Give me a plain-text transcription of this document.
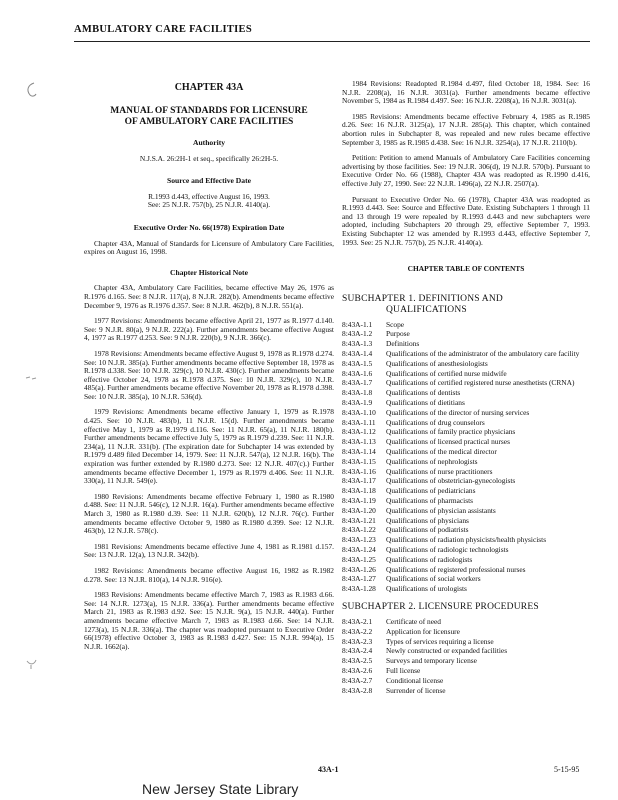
AMBULATORY CARE FACILITIES
CHAPTER 43A
MANUAL OF STANDARDS FOR LICENSURE
OF AMBULATORY CARE FACILITIES
Authority

N.J.S.A. 26:2H-1 et seq., specifically 26:2H-5.

Source and Effective Date

R.1993 d.443, effective August 16, 1993.

See: 25 N.J.R. 757(b), 25 N.J.R. 4140(a).

Executive Order No. 66(1978) Expiration Date

Chapter 43A, Manual of Standards for Licensure of Ambulatory Care Facilities, expires on August 16, 1998.

Chapter Historical Note

Chapter 43A, Ambulatory Care Facilities, became effective May 26, 1976 as R.1976 d.165. See: 8 N.J.R. 117(a), 8 N.J.R. 282(b). Amendments became effective December 9, 1976 as R.1976 d.357. See: 8 N.J.R. 462(b), 8 N.J.R. 551(a).

1977 Revisions: Amendments became effective April 21, 1977 as R.1977 d.140. See: 9 N.J.R. 80(a), 9 N.J.R. 222(a). Further amendments became effective August 4, 1977 as R.1977 d.253. See: 9 N.J.R. 220(b), 9 N.J.R. 366(c).

1978 Revisions: Amendments became effective August 9, 1978 as R.1978 d.274. See: 10 N.J.R. 385(a). Further amendments became effective September 18, 1978 as R.1978 d.338. See: 10 N.J.R. 329(c), 10 N.J.R. 430(c). Further amendments became effective October 24, 1978 as R.1978 d.375. See: 10 N.J.R. 329(c), 10 N.J.R. 485(a). Further amendments became effective November 20, 1978 as R.1978 d.398. See: 10 N.J.R. 385(a), 10 N.J.R. 536(d).

1979 Revisions: Amendments became effective January 1, 1979 as R.1978 d.425. See: 10 N.J.R. 483(b), 11 N.J.R. 15(d). Further amendments became effective May 1, 1979 as R.1979 d.116. See: 11 N.J.R. 65(a), 11 N.J.R. 180(b). Further amendments became effective July 5, 1979 as R.1979 d.239. See: 11 N.J.R. 234(a), 11 N.J.R. 331(b). (The expiration date for Subchapter 14 was extended by R.1979 d.489 filed December 14, 1979. See: 11 N.J.R. 547(a), 12 N.J.R. 16(b). The expiration was further extended by R.1980 d.273. See: 12 N.J.R. 407(c).) Further amendments became effective December 1, 1979 as R.1979 d.406. See: 11 N.J.R. 330(a), 11 N.J.R. 549(e).

1980 Revisions: Amendments became effective February 1, 1980 as R.1980 d.488. See: 11 N.J.R. 546(c), 12 N.J.R. 16(a). Further amendments became effective March 3, 1980 as R.1980 d.39. See: 11 N.J.R. 620(b), 12 N.J.R. 76(c). Further amendments became effective October 9, 1980 as R.1980 d.399. See: 12 N.J.R. 463(b), 12 N.J.R. 578(c).

1981 Revisions: Amendments became effective June 4, 1981 as R.1981 d.157. See: 13 N.J.R. 12(a), 13 N.J.R. 342(b).

1982 Revisions: Amendments became effective August 16, 1982 as R.1982 d.278. See: 13 N.J.R. 810(a), 14 N.J.R. 916(e).

1983 Revisions: Amendments became effective March 7, 1983 as R.1983 d.66. See: 14 N.J.R. 1273(a), 15 N.J.R. 336(a). Further amendments became effective March 21, 1983 as R.1983 d.92. See: 15 N.J.R. 9(a), 15 N.J.R. 440(a). Further amendments became effective March 7, 1983 as R.1983 d.66. See: 14 N.J.R. 1273(a), 15 N.J.R. 336(a). The chapter was readopted pursuant to Executive Order 66(1978) effective October 3, 1983 as R.1983 d.427. See: 15 N.J.R. 994(a), 15 N.J.R. 1662(a).

1984 Revisions: Readopted R.1984 d.497, filed October 18, 1984. See: 16 N.J.R. 2208(a), 16 N.J.R. 3031(a). Further amendments became effective November 5, 1984 as R.1984 d.497. See: 16 N.J.R. 2208(a), 16 N.J.R. 3031(a).

1985 Revisions: Amendments became effective February 4, 1985 as R.1985 d.26. See: 16 N.J.R. 3125(a), 17 N.J.R. 285(a). This chapter, which contained abortion rules in Subchapter 8, was repealed and new rules became effective September 3, 1985 as R.1985 d.438. See: 16 N.J.R. 3254(a), 17 N.J.R. 2110(b).

Petition: Petition to amend Manuals of Ambulatory Care Facilities concerning advertising by those facilities. See: 19 N.J.R. 306(d), 19 N.J.R. 570(b). Pursuant to Executive Order No. 66 (1988), Chapter 43A was readopted as R.1990 d.416, effective July 27, 1990. See: 22 N.J.R. 1496(a), 22 N.J.R. 2507(a).

Pursuant to Executive Order No. 66 (1978), Chapter 43A was readopted as R.1993 d.443. See: Source and Effective Date. Existing Subchapters 1 through 11 and 13 through 19 were repealed by R.1993 d.443 and new subchapters were adopted, including Subchapters 20 through 29, effective September 7, 1993. Existing Subchapter 12 was amended by R.1993 d.443, effective September 7, 1993. See: 25 N.J.R. 757(b), 25 N.J.R. 4140(a).

CHAPTER TABLE OF CONTENTS
SUBCHAPTER 1. DEFINITIONS AND
QUALIFICATIONS
8:43A-1.1	Scope
8:43A-1.2	Purpose
8:43A-1.3	Definitions
8:43A-1.4	Qualifications of the administrator of the ambulatory care facility
8:43A-1.5	Qualifications of anesthesiologists
8:43A-1.6	Qualifications of certified nurse midwife
8:43A-1.7	Qualifications of certified registered nurse anesthetists (CRNA)
8:43A-1.8	Qualifications of dentists
8:43A-1.9	Qualifications of dietitians
8:43A-1.10	Qualifications of the director of nursing services
8:43A-1.11	Qualifications of drug counselors
8:43A-1.12	Qualifications of family practice physicians
8:43A-1.13	Qualifications of licensed practical nurses
8:43A-1.14	Qualifications of the medical director
8:43A-1.15	Qualifications of nephrologists
8:43A-1.16	Qualifications of nurse practitioners
8:43A-1.17	Qualifications of obstetrician-gynecologists
8:43A-1.18	Qualifications of pediatricians
8:43A-1.19	Qualifications of pharmacists
8:43A-1.20	Qualifications of physician assistants
8:43A-1.21	Qualifications of physicians
8:43A-1.22	Qualifications of podiatrists
8:43A-1.23	Qualifications of radiation physicists/health physicists
8:43A-1.24	Qualifications of radiologic technologists
8:43A-1.25	Qualifications of radiologists
8:43A-1.26	Qualifications of registered professional nurses
8:43A-1.27	Qualifications of social workers
8:43A-1.28	Qualifications of urologists
SUBCHAPTER 2. LICENSURE PROCEDURES
8:43A-2.1	Certificate of need
8:43A-2.2	Application for licensure
8:43A-2.3	Types of services requiring a license
8:43A-2.4	Newly constructed or expanded facilities
8:43A-2.5	Surveys and temporary license
8:43A-2.6	Full license
8:43A-2.7	Conditional license
8:43A-2.8	Surrender of license
43A-1	5-15-95
New Jersey State Library
